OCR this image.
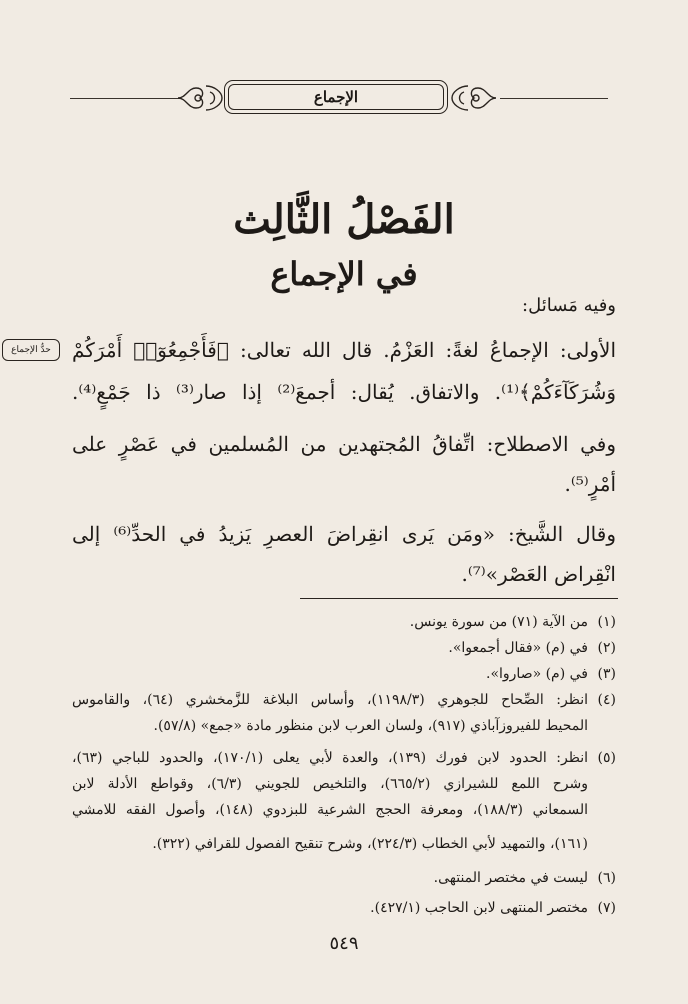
الإجماع
الفَصْلُ الثَّالِث
في الإجماع
وفيه مَسائل:
الأولى: الإجماعُ لغةً: العَزْمُ. قال الله تعالى: ﴿فَأَجْمِعُوٓا۟ أَمْرَكُمْ
حدُّ الإجماع
وَشُرَكَآءَكُمْ﴾⁽¹⁾. والاتفاق. يُقال: أجمعَ⁽²⁾ إذا صار⁽³⁾ ذا جَمْعٍ⁽⁴⁾.
وفي الاصطلاح: اتِّفاقُ المُجتهدين من المُسلمين في عَصْرٍ على
أمْرٍ⁽⁵⁾.
وقال الشَّيخ: «ومَن يَرى انقِراضَ العصرِ يَزيدُ في الحدِّ⁽⁶⁾ إلى
انْقِراض العَصْر»⁽⁷⁾.
(١)من الآية (٧١) من سورة يونس.
(٢)في (م) «فقال أجمعوا».
(٣)في (م) «صاروا».
(٤)انظر: الصِّحاح للجوهري (١١٩٨/٣)، وأساس البلاغة للزَّمخشري (٦٤)، والقاموس
المحيط للفيروزآباذي (٩١٧)، ولسان العرب لابن منظور مادة «جمع» (٥٧/٨).
(٥)انظر: الحدود لابن فورك (١٣٩)، والعدة لأبي يعلى (١٧٠/١)، والحدود للباجي (٦٣)،
وشرح اللمع للشيرازي (٦٦٥/٢)، والتلخيص للجويني (٦/٣)، وقواطع الأدلة لابن
السمعاني (١٨٨/٣)، ومعرفة الحجج الشرعية للبزدوي (١٤٨)، وأصول الفقه للامشي
(١٦١)، والتمهيد لأبي الخطاب (٢٢٤/٣)، وشرح تنقيح الفصول للقرافي (٣٢٢).
(٦)ليست في مختصر المنتهى.
(٧)مختصر المنتهى لابن الحاجب (٤٢٧/١).
٥٤٩
